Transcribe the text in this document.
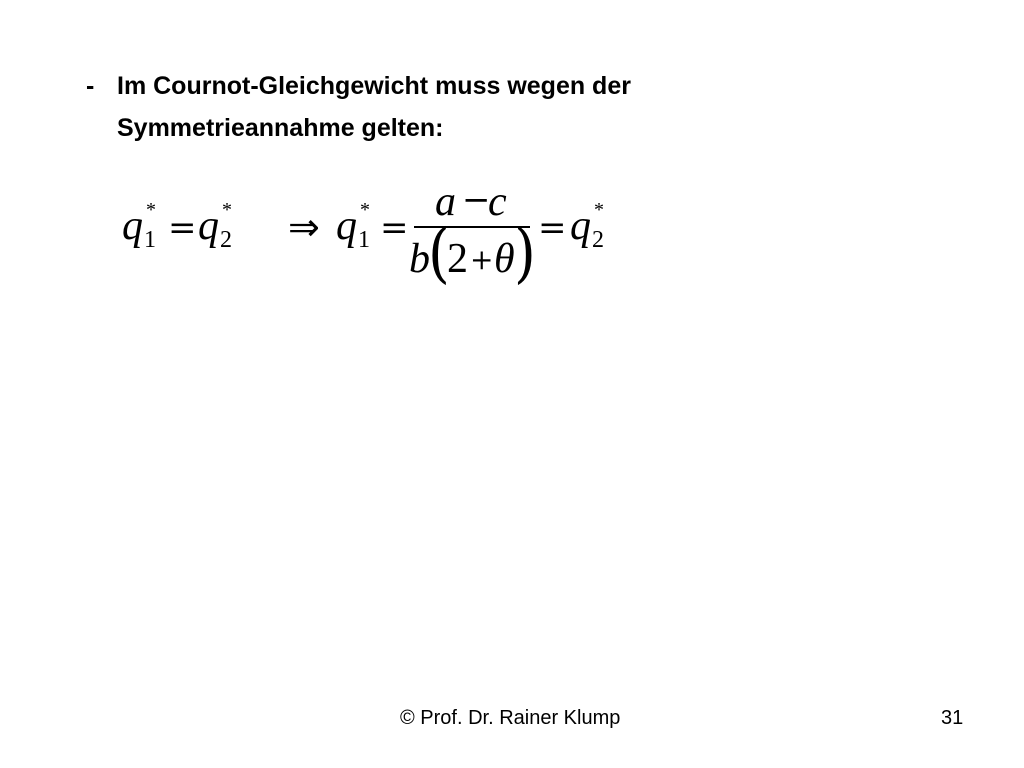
- Im Cournot-Gleichgewicht muss wegen der
Symmetrieannahme gelten:
q 1
* = q 2
* ⇒ q 1
* =
a −
c
b
(
2 + θ ) = q 2
*
© Prof. Dr. Rainer Klump	31
